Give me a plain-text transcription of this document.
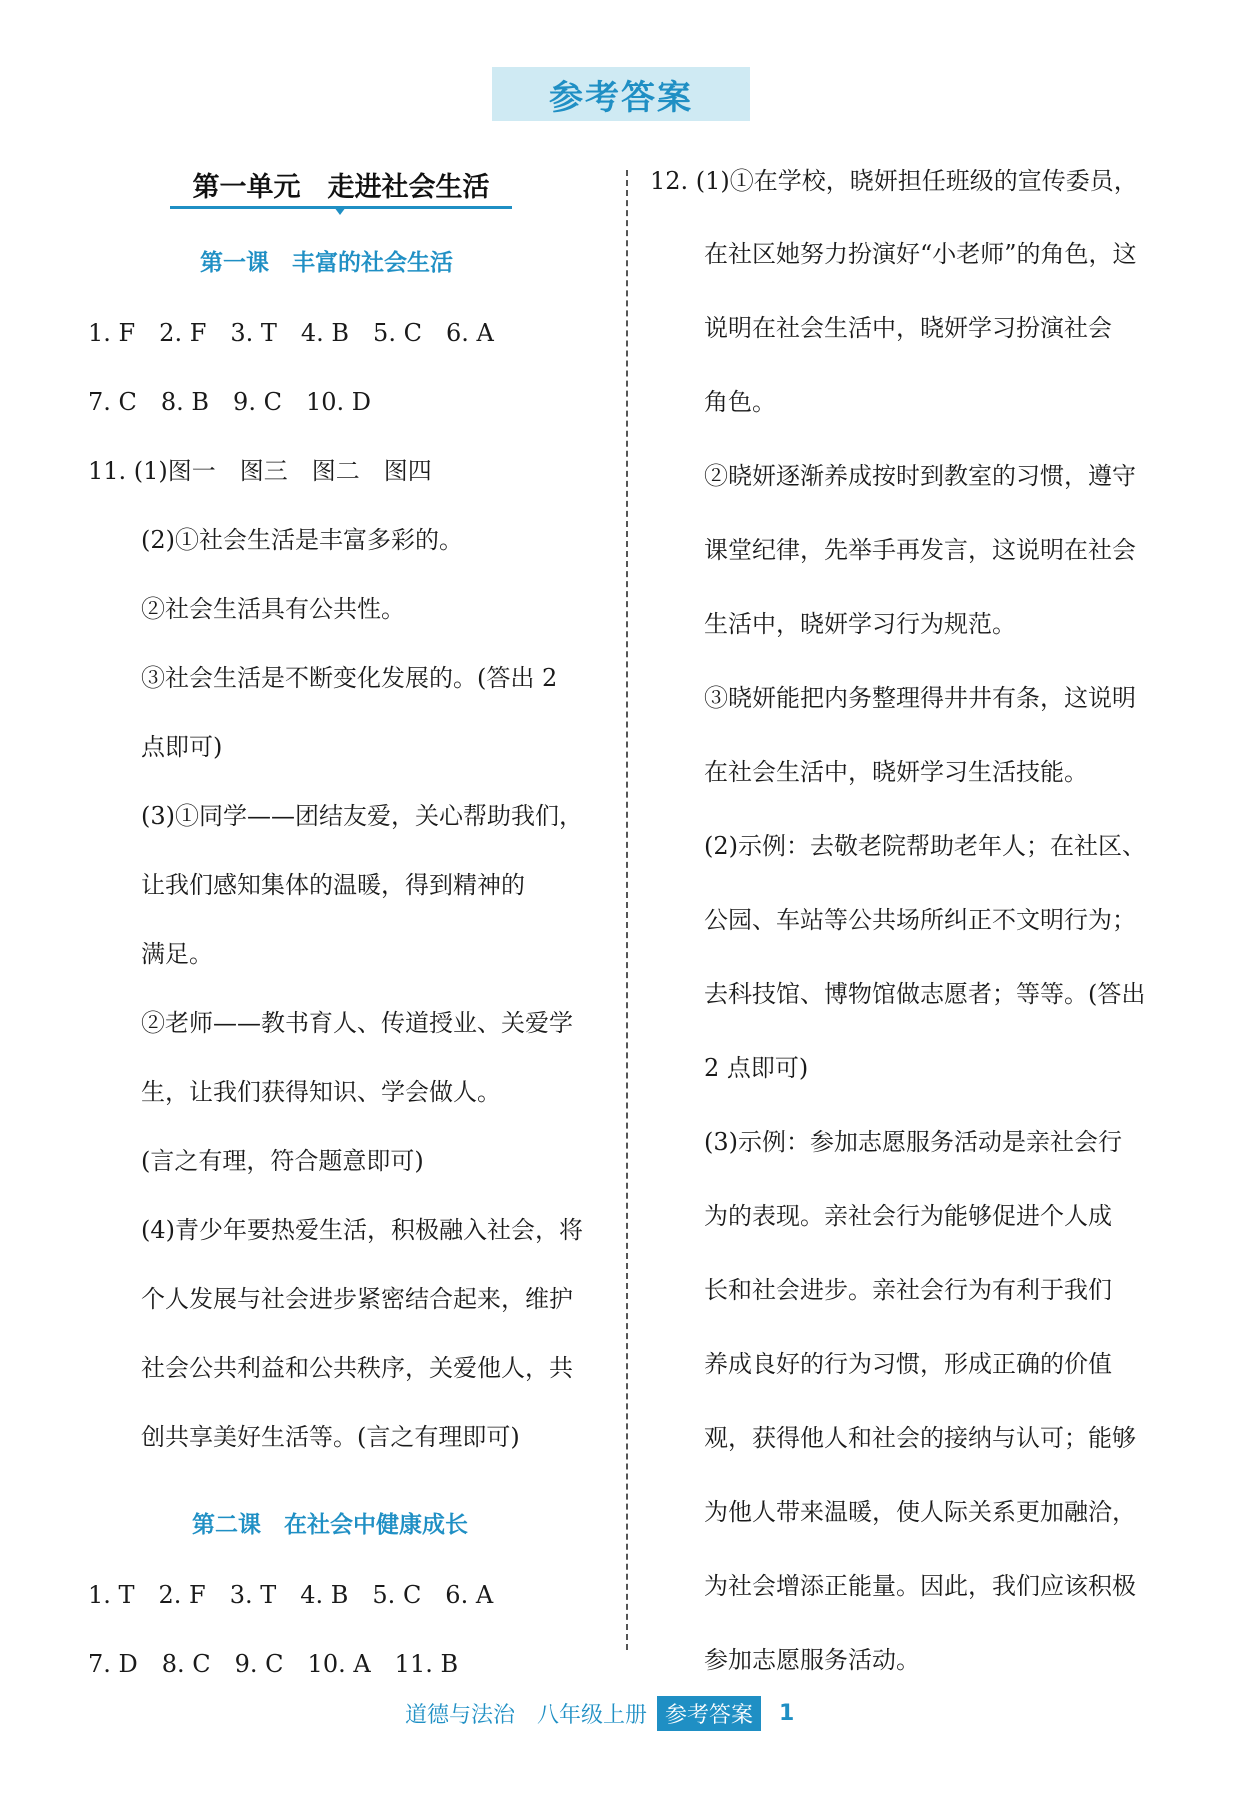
参考答案
第一单元　走进社会生活
第一课　丰富的社会生活
第二课　在社会中健康成长
1. F　2. F　3. T　4. B　5. C　6. A
7. C　8. B　9. C　10. D
11. (1)图一　图三　图二　图四
(2)①社会生活是丰富多彩的。
②社会生活具有公共性。
③社会生活是不断变化发展的。(答出 2
点即可)
(3)①同学——团结友爱，关心帮助我们，
让我们感知集体的温暖，得到精神的
满足。
②老师——教书育人、传道授业、关爱学
生，让我们获得知识、学会做人。
(言之有理，符合题意即可)
(4)青少年要热爱生活，积极融入社会，将
个人发展与社会进步紧密结合起来，维护
社会公共利益和公共秩序，关爱他人，共
创共享美好生活等。(言之有理即可)
1. T　2. F　3. T　4. B　5. C　6. A
7. D　8. C　9. C　10. A　11. B
12. (1)①在学校，晓妍担任班级的宣传委员，
在社区她努力扮演好“小老师”的角色，这
说明在社会生活中，晓妍学习扮演社会
角色。
②晓妍逐渐养成按时到教室的习惯，遵守
课堂纪律，先举手再发言，这说明在社会
生活中，晓妍学习行为规范。
③晓妍能把内务整理得井井有条，这说明
在社会生活中，晓妍学习生活技能。
(2)示例：去敬老院帮助老年人；在社区、
公园、车站等公共场所纠正不文明行为；
去科技馆、博物馆做志愿者；等等。(答出
2 点即可)
(3)示例：参加志愿服务活动是亲社会行
为的表现。亲社会行为能够促进个人成
长和社会进步。亲社会行为有利于我们
养成良好的行为习惯，形成正确的价值
观，获得他人和社会的接纳与认可；能够
为他人带来温暖，使人际关系更加融洽，
为社会增添正能量。因此，我们应该积极
参加志愿服务活动。
道德与法治　八年级上册 参考答案	1
